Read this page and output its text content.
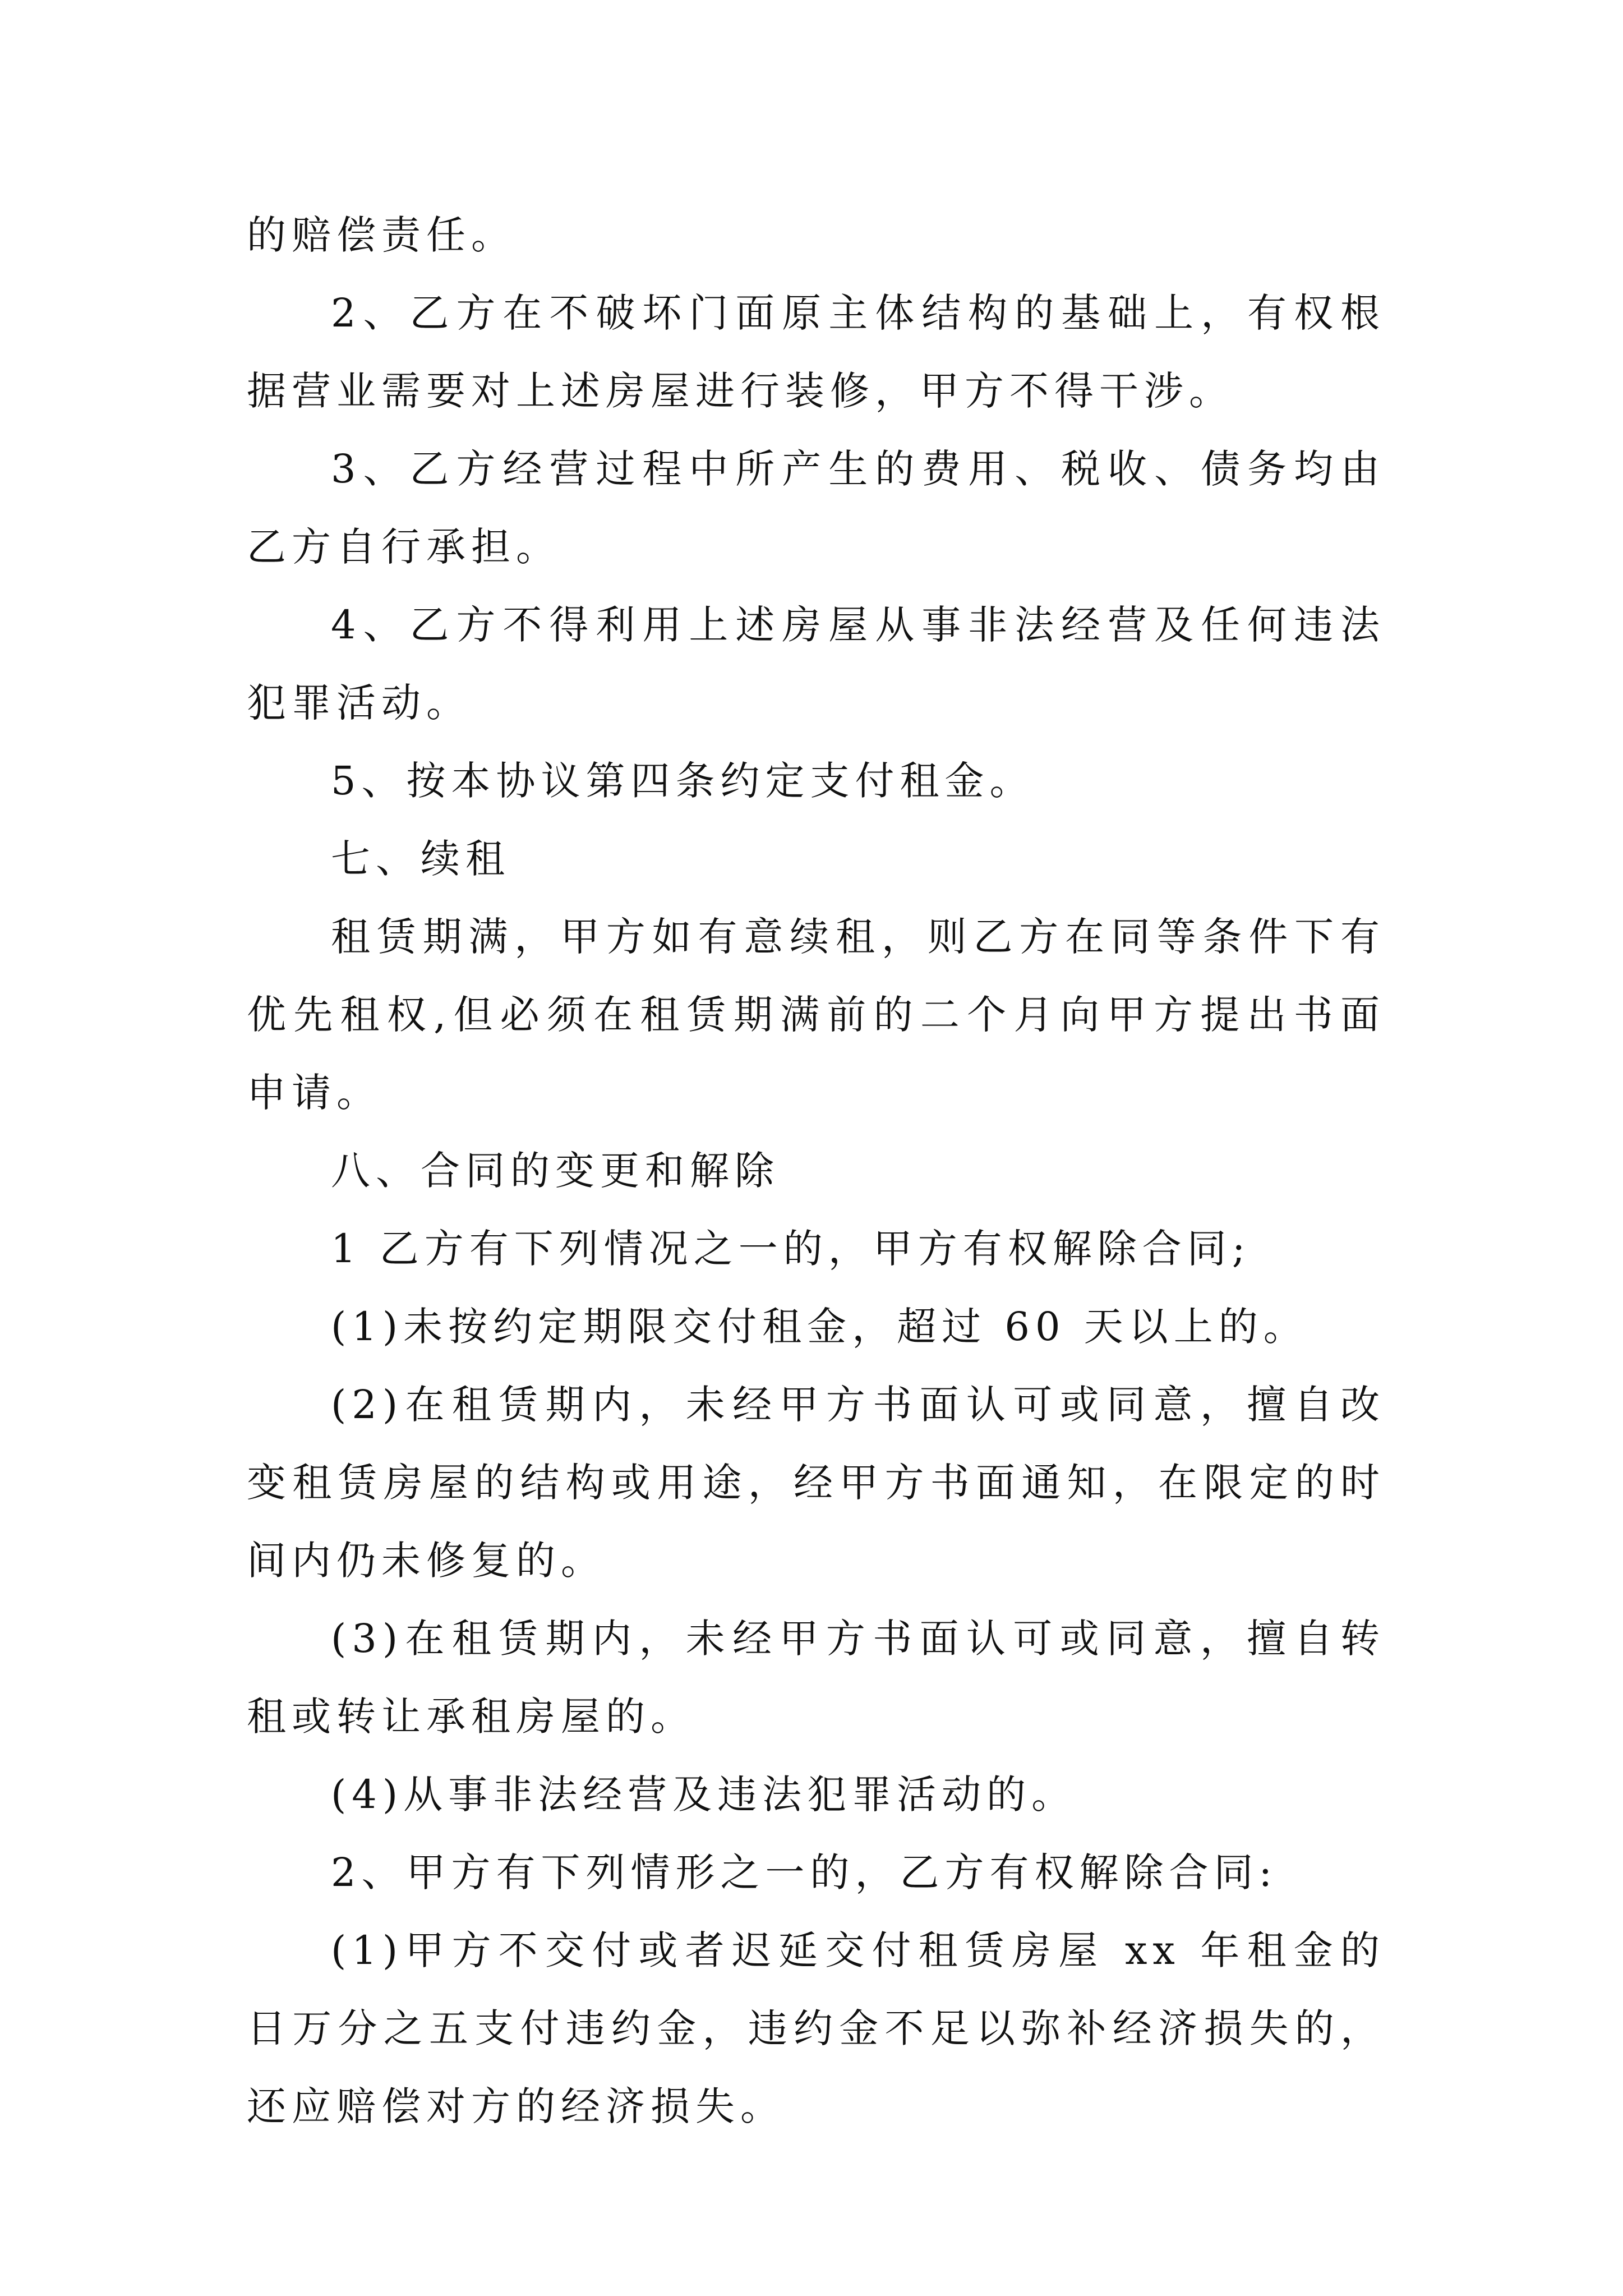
的赔偿责任。

2、乙方在不破坏门面原主体结构的基础上，有权根据营业需要对上述房屋进行装修，甲方不得干涉。

3、乙方经营过程中所产生的费用、税收、债务均由乙方自行承担。

4、乙方不得利用上述房屋从事非法经营及任何违法犯罪活动。

5、按本协议第四条约定支付租金。

七、续租

租赁期满，甲方如有意续租，则乙方在同等条件下有优先租权,但必须在租赁期满前的二个月向甲方提出书面申请。

八、合同的变更和解除

1 乙方有下列情况之一的，甲方有权解除合同;

(1)未按约定期限交付租金，超过 60 天以上的。

(2)在租赁期内，未经甲方书面认可或同意，擅自改变租赁房屋的结构或用途，经甲方书面通知，在限定的时间内仍未修复的。

(3)在租赁期内，未经甲方书面认可或同意，擅自转租或转让承租房屋的。

(4)从事非法经营及违法犯罪活动的。

2、甲方有下列情形之一的，乙方有权解除合同:

(1)甲方不交付或者迟延交付租赁房屋 xx 年租金的日万分之五支付违约金，违约金不足以弥补经济损失的，还应赔偿对方的经济损失。
